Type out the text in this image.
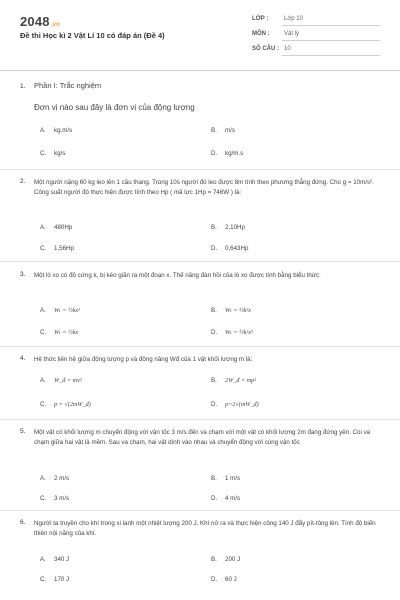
2048.vn
Đề thi Học kì 2 Vật Lí 10 có đáp án (Đề 4)
LỚP :	Lớp 10
MÔN : Vật lý
SỐ CÂU : 10
1. Phần I: Trắc nghiệm
Đơn vị nào sau đây là đơn vị của động lượng
A. kg.m/s	B. m/s
C. kg/s	D. kg/m.s
2. Một người nặng 60 kg leo lên 1 cầu thang. Trong 10s người đó leo được 8m tính theo phương thẳng đứng. Cho g = 10m/s². Công suất người đó thực hiện được tính theo Hp ( mã lực 1Hp = 746W ) là:
A. 480Hp	B. 2,10Hp
C. 1,56Hp	D. 0,643Hp
3. Một lò xo có độ cứng k, bị kéo giãn ra một đoạn x. Thế năng đàn hồi của lò xo được tính bằng biểu thức:
A. Wₜ = ½kx²	B. Wₜ = ½k²x
C. Wₜ = ½kx	D. Wₜ = ½k²x²
4. Hệ thức liên hệ giữa động lượng p và động năng Wđ của 1 vật khối lượng m là:
A. W_đ = mv²	B. 2W_đ = mp²
C. p = √(2mW_đ)	D. p=2√(mW_đ)
5. Một vật có khối lượng m chuyển động với vận tốc 3 m/s đến va chạm với một vật có khối lượng 2m đang đứng yên. Coi va chạm giữa hai vật là mềm. Sau va chạm, hai vật dính vào nhau và chuyển động với cùng vận tốc
A. 2 m/s	B. 1 m/s
C. 3 m/s	D. 4 m/s
6. Người ta truyền cho khí trong xi lanh một nhiệt lượng 200 J. Khí nở ra và thực hiện công 140 J đẩy pít-tông lên. Tính độ biến thiên nội năng của khí.
A. 340 J	B. 200 J
C. 170 J	D. 60 J
